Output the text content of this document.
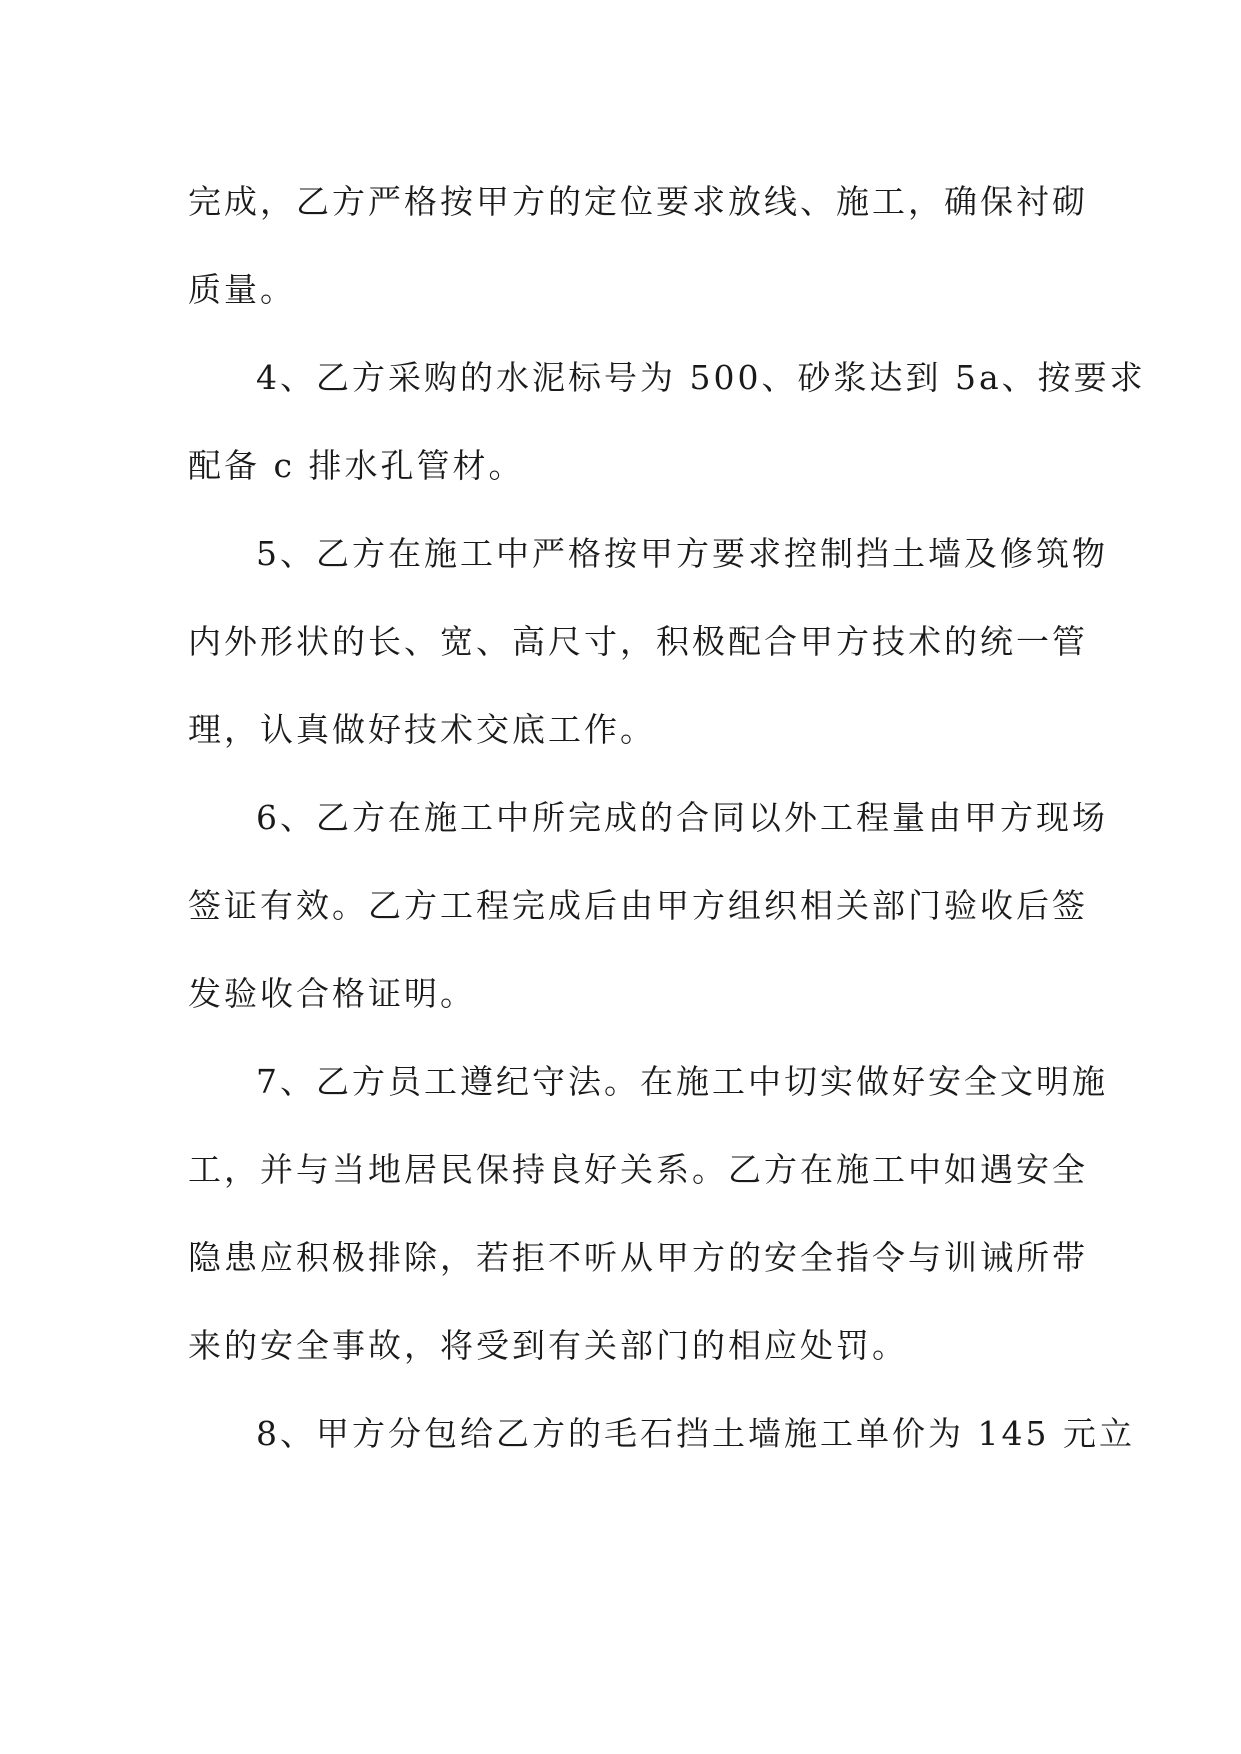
完成，乙方严格按甲方的定位要求放线、施工，确保衬砌
质量。
4、乙方采购的水泥标号为 500、砂浆达到 5a、按要求
配备 c 排水孔管材。
5、乙方在施工中严格按甲方要求控制挡土墙及修筑物
内外形状的长、宽、高尺寸，积极配合甲方技术的统一管
理，认真做好技术交底工作。
6、乙方在施工中所完成的合同以外工程量由甲方现场
签证有效。乙方工程完成后由甲方组织相关部门验收后签
发验收合格证明。
7、乙方员工遵纪守法。在施工中切实做好安全文明施
工，并与当地居民保持良好关系。乙方在施工中如遇安全
隐患应积极排除，若拒不听从甲方的安全指令与训诫所带
来的安全事故，将受到有关部门的相应处罚。
8、甲方分包给乙方的毛石挡土墙施工单价为 145 元立
